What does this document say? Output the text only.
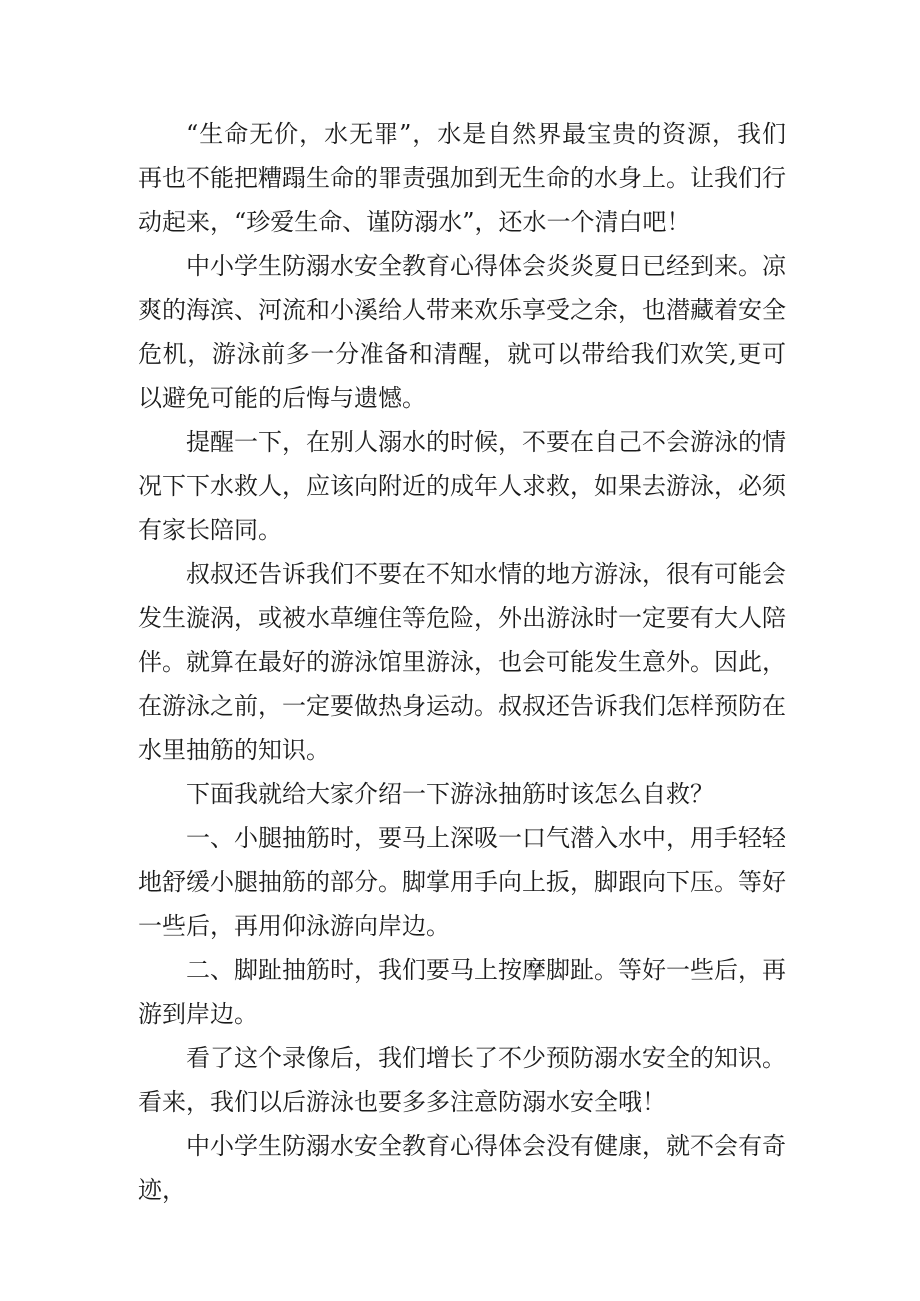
“生命无价，水无罪”，水是自然界最宝贵的资源，我们再也不能把糟蹋生命的罪责强加到无生命的水身上。让我们行动起来，“珍爱生命、谨防溺水”，还水一个清白吧！

中小学生防溺水安全教育心得体会炎炎夏日已经到来。凉爽的海滨、河流和小溪给人带来欢乐享受之余，也潜藏着安全危机，游泳前多一分准备和清醒，就可以带给我们欢笑,更可以避免可能的后悔与遗憾。

提醒一下，在别人溺水的时候，不要在自己不会游泳的情况下下水救人，应该向附近的成年人求救，如果去游泳，必须有家长陪同。

叔叔还告诉我们不要在不知水情的地方游泳，很有可能会发生漩涡，或被水草缠住等危险，外出游泳时一定要有大人陪伴。就算在最好的游泳馆里游泳，也会可能发生意外。因此，在游泳之前，一定要做热身运动。叔叔还告诉我们怎样预防在水里抽筋的知识。

下面我就给大家介绍一下游泳抽筋时该怎么自救？

一、小腿抽筋时，要马上深吸一口气潜入水中，用手轻轻地舒缓小腿抽筋的部分。脚掌用手向上扳，脚跟向下压。等好一些后，再用仰泳游向岸边。

二、脚趾抽筋时，我们要马上按摩脚趾。等好一些后，再游到岸边。

看了这个录像后，我们增长了不少预防溺水安全的知识。看来，我们以后游泳也要多多注意防溺水安全哦！

中小学生防溺水安全教育心得体会没有健康，就不会有奇迹，
